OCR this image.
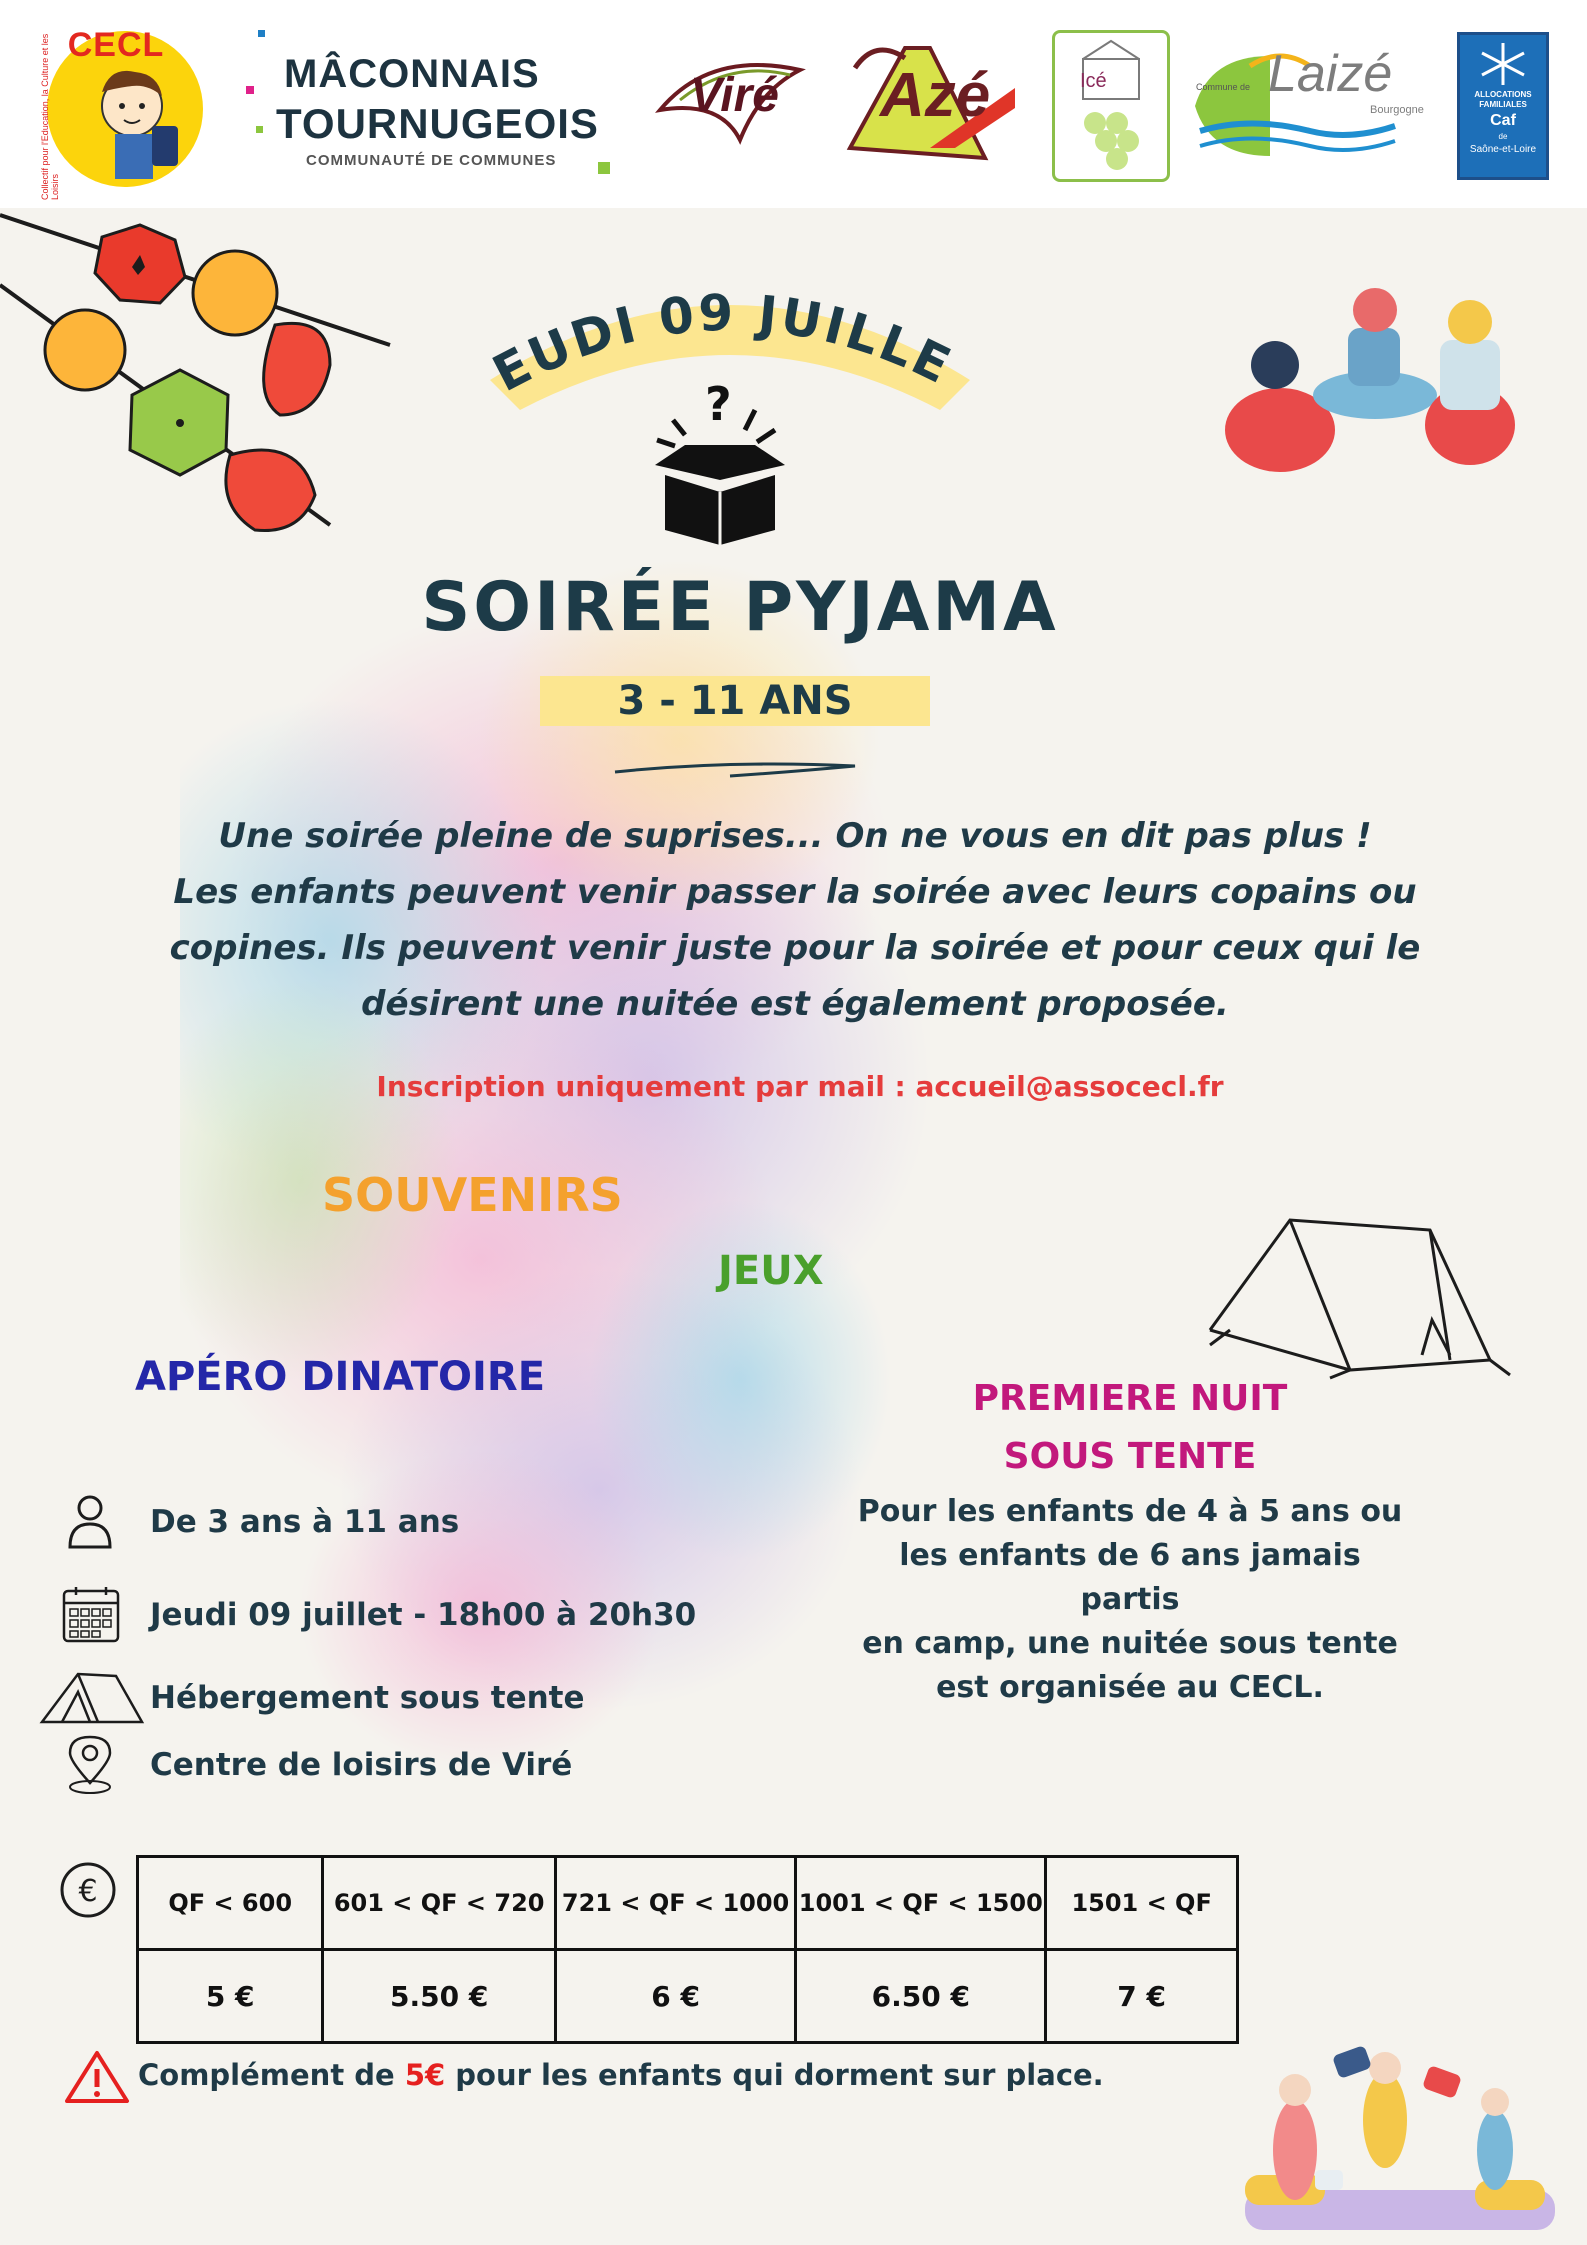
CECL
Collectif pour l'Education, la Culture et les Loisirs
MÂCONNAIS
TOURNUGEOIS
COMMUNAUTÉ DE COMMUNES
Viré Azé	Icé	Laizé
Commune de
Bourgogne
ALLOCATIONS
FAMILIALES
Caf
de
Saône-et-Loire
EUDI 09 JUILLE
?
SOIRÉE PYJAMA
3 - 11 ANS
Une soirée pleine de suprises... On ne vous en dit pas plus !
Les enfants peuvent venir passer la soirée avec leurs copains ou
copines. Ils peuvent venir juste pour la soirée et pour ceux qui le
désirent une nuitée est également proposée.
Inscription uniquement par mail : accueil@assocecl.fr
SOUVENIRS
JEUX
APÉRO DINATOIRE	PREMIERE NUIT
SOUS TENTE
Pour les enfants de 4 à 5 ans ou
les enfants de 6 ans jamais partis
en camp, une nuitée sous tente
est organisée au CECL.
De 3 ans à 11 ans
Jeudi 09 juillet - 18h00 à 20h30
Hébergement sous tente
Centre de loisirs de Viré
€	QF < 600	601 < QF < 720	721 < QF < 1000	1001 < QF < 1500	1501 < QF
5 €	5.50 €	6 €	6.50 €	7 €
Complément de 5€ pour les enfants qui dorment sur place.
